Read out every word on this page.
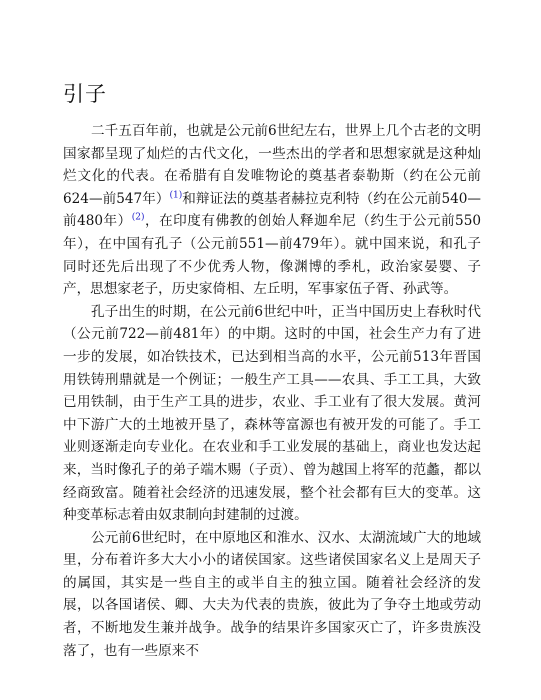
引子

二千五百年前，也就是公元前6世纪左右，世界上几个古老的文明国家都呈现了灿烂的古代文化，一些杰出的学者和思想家就是这种灿烂文化的代表。在希腊有自发唯物论的奠基者泰勒斯（约在公元前624—前547年）$^{(1)}$和辩证法的奠基者赫拉克利特（约在公元前540—前480年）$^{(2)}$，在印度有佛教的创始人释迦牟尼（约生于公元前550年），在中国有孔子（公元前551—前479年）。就中国来说，和孔子同时还先后出现了不少优秀人物，像渊博的季札，政治家晏婴、子产，思想家老子，历史家倚相、左丘明，军事家伍子胥、孙武等。

孔子出生的时期，在公元前6世纪中叶，正当中国历史上春秋时代（公元前722—前481年）的中期。这时的中国，社会生产力有了进一步的发展，如冶铁技术，已达到相当高的水平，公元前513年晋国用铁铸刑鼎就是一个例证；一般生产工具——农具、手工工具，大致已用铁制，由于生产工具的进步，农业、手工业有了很大发展。黄河中下游广大的土地被开垦了，森林等富源也有被开发的可能了。手工业则逐渐走向专业化。在农业和手工业发展的基础上，商业也发达起来，当时像孔子的弟子端木赐（子贡）、曾为越国上将军的范蠡，都以经商致富。随着社会经济的迅速发展，整个社会都有巨大的变革。这种变革标志着由奴隶制向封建制的过渡。

公元前6世纪时，在中原地区和淮水、汉水、太湖流域广大的地域里，分布着许多大大小小的诸侯国家。这些诸侯国家名义上是周天子的属国，其实是一些自主的或半自主的独立国。随着社会经济的发展，以各国诸侯、卿、大夫为代表的贵族，彼此为了争夺土地或劳动者，不断地发生兼并战争。战争的结果许多国家灭亡了，许多贵族没落了，也有一些原来不
